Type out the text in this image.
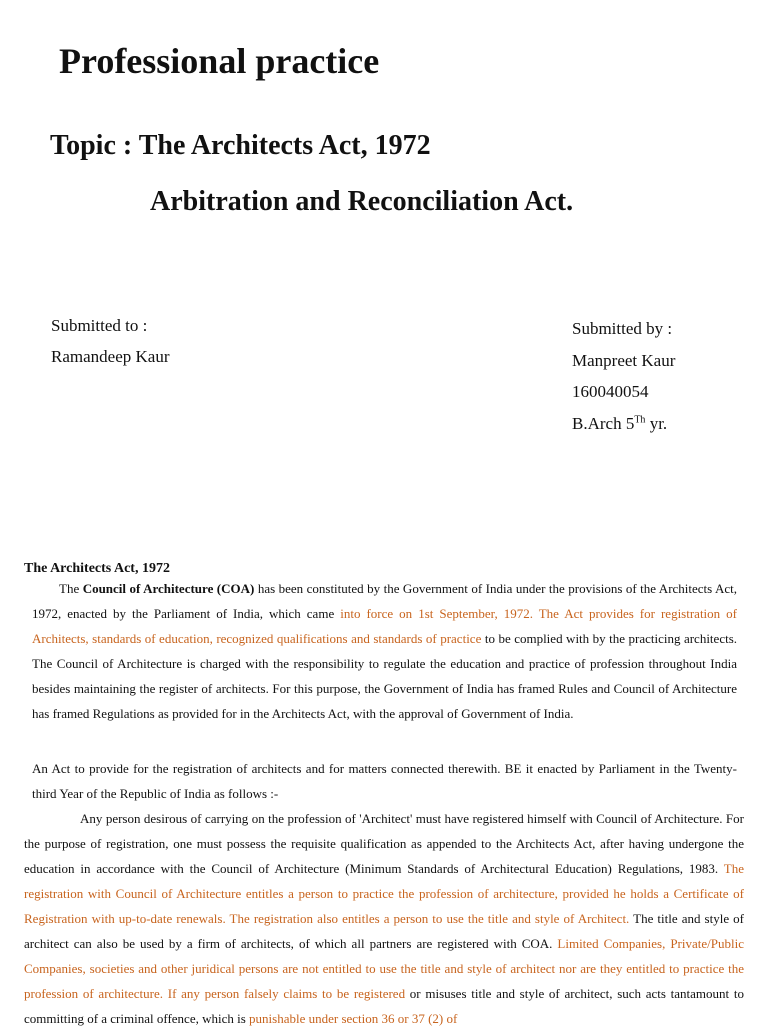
Professional practice
Topic : The Architects Act, 1972
Arbitration and Reconciliation Act.
Submitted to :
Ramandeep Kaur
Submitted by :
Manpreet Kaur
160040054
B.Arch 5Th yr.
The Architects Act, 1972
The Council of Architecture (COA) has been constituted by the Government of India under the provisions of the Architects Act, 1972, enacted by the Parliament of India, which came into force on 1st September, 1972. The Act provides for registration of Architects, standards of education, recognized qualifications and standards of practice to be complied with by the practicing architects. The Council of Architecture is charged with the responsibility to regulate the education and practice of profession throughout India besides maintaining the register of architects. For this purpose, the Government of India has framed Rules and Council of Architecture has framed Regulations as provided for in the Architects Act, with the approval of Government of India.
An Act to provide for the registration of architects and for matters connected therewith. BE it enacted by Parliament in the Twenty-third Year of the Republic of India as follows :-
Any person desirous of carrying on the profession of 'Architect' must have registered himself with Council of Architecture. For the purpose of registration, one must possess the requisite qualification as appended to the Architects Act, after having undergone the education in accordance with the Council of Architecture (Minimum Standards of Architectural Education) Regulations, 1983. The registration with Council of Architecture entitles a person to practice the profession of architecture, provided he holds a Certificate of Registration with up-to-date renewals. The registration also entitles a person to use the title and style of Architect. The title and style of architect can also be used by a firm of architects, of which all partners are registered with COA. Limited Companies, Private/Public Companies, societies and other juridical persons are not entitled to use the title and style of architect nor are they entitled to practice the profession of architecture. If any person falsely claims to be registered or misuses title and style of architect, such acts tantamount to committing of a criminal offence, which is punishable under section 36 or 37 (2) of
